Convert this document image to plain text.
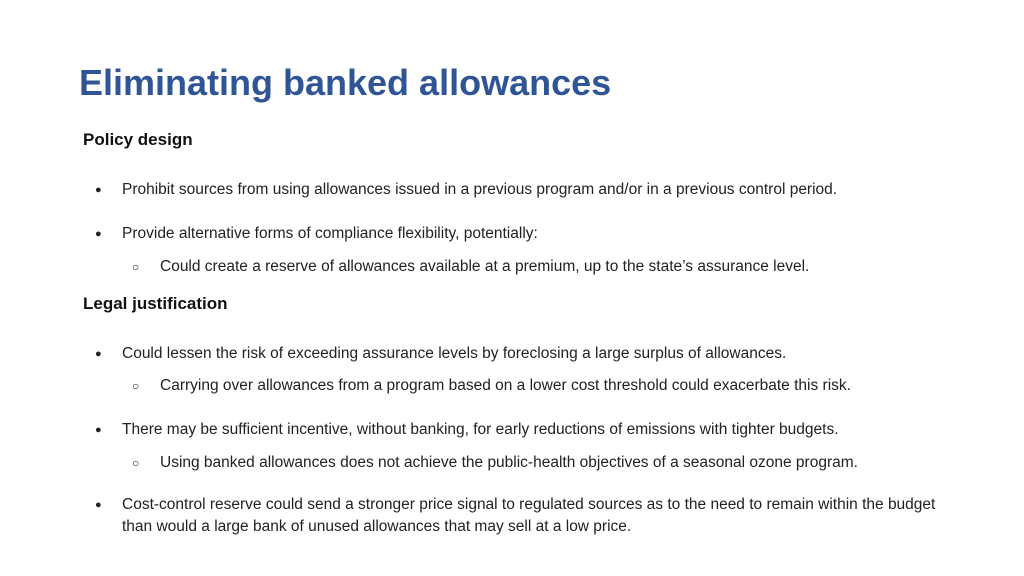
Eliminating banked allowances
Policy design
●	Prohibit sources from using allowances issued in a previous program and/or in a previous control period.
●	Provide alternative forms of compliance flexibility, potentially:
○	Could create a reserve of allowances available at a premium, up to the state’s assurance level.
Legal justification
●	Could lessen the risk of exceeding assurance levels by foreclosing a large surplus of allowances.
○	Carrying over allowances from a program based on a lower cost threshold could exacerbate this risk.
●	There may be sufficient incentive, without banking, for early reductions of emissions with tighter budgets.
○	Using banked allowances does not achieve the public-health objectives of a seasonal ozone program.
●	Cost-control reserve could send a stronger price signal to regulated sources as to the need to remain within the budget than would a large bank of unused allowances that may sell at a low price.
